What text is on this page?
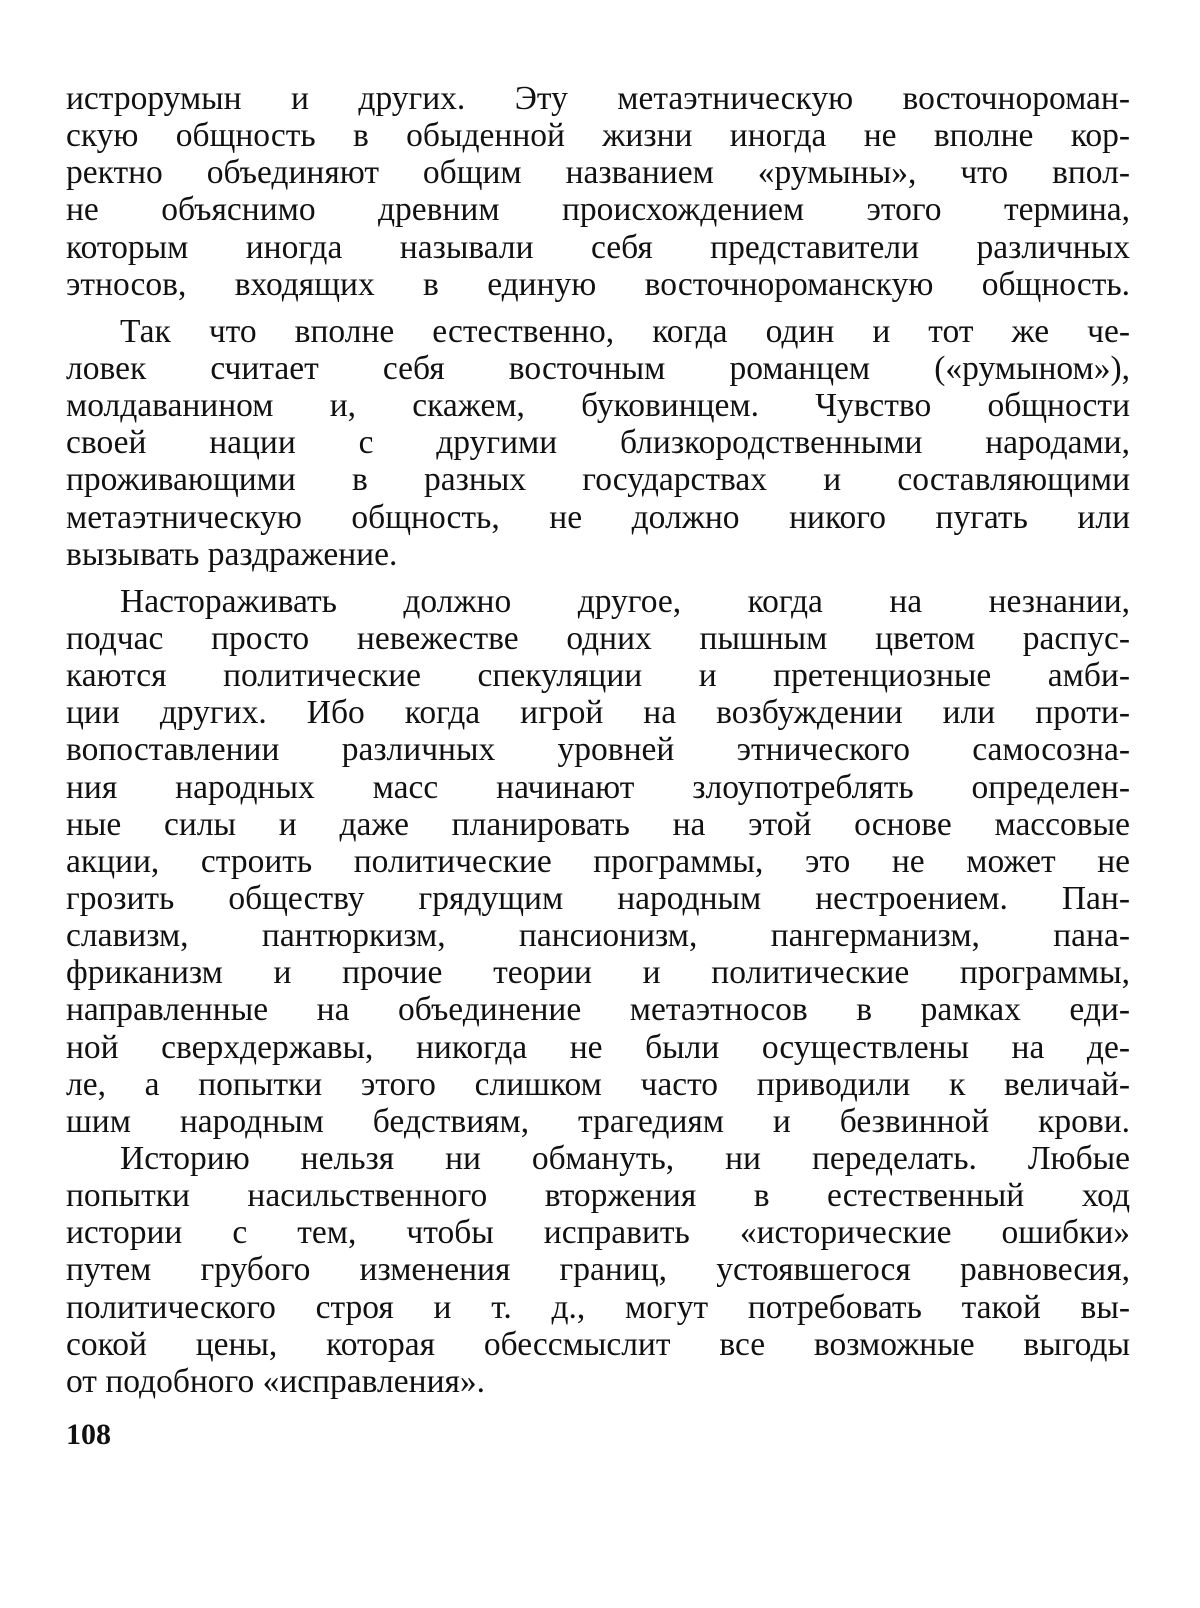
истрорумын и других. Эту метаэтническую восточнороман-
скую общность в обыденной жизни иногда не вполне кор-
ректно объединяют общим названием «румыны», что впол-
не объяснимо древним происхождением этого термина,
которым иногда называли себя представители различных
этносов, входящих в единую восточнороманскую общность.
Так что вполне естественно, когда один и тот же че-
ловек считает себя восточным романцем («румыном»),
молдаванином и, скажем, буковинцем. Чувство общности
своей нации с другими близкородственными народами,
проживающими в разных государствах и составляющими
метаэтническую общность, не должно никого пугать или
вызывать раздражение.
Настораживать должно другое, когда на незнании,
подчас просто невежестве одних пышным цветом распус-
каются политические спекуляции и претенциозные амби-
ции других. Ибо когда игрой на возбуждении или проти-
вопоставлении различных уровней этнического самосозна-
ния народных масс начинают злоупотреблять определен-
ные силы и даже планировать на этой основе массовые
акции, строить политические программы, это не может не
грозить обществу грядущим народным нестроением. Пан-
славизм, пантюркизм, пансионизм, пангерманизм, пана-
фриканизм и прочие теории и политические программы,
направленные на объединение метаэтносов в рамках еди-
ной сверхдержавы, никогда не были осуществлены на де-
ле, а попытки этого слишком часто приводили к величай-
шим народным бедствиям, трагедиям и безвинной крови.
Историю нельзя ни обмануть, ни переделать. Любые
попытки насильственного вторжения в естественный ход
истории с тем, чтобы исправить «исторические ошибки»
путем грубого изменения границ, устоявшегося равновесия,
политического строя и т. д., могут потребовать такой вы-
сокой цены, которая обессмыслит все возможные выгоды
от подобного «исправления».
108
